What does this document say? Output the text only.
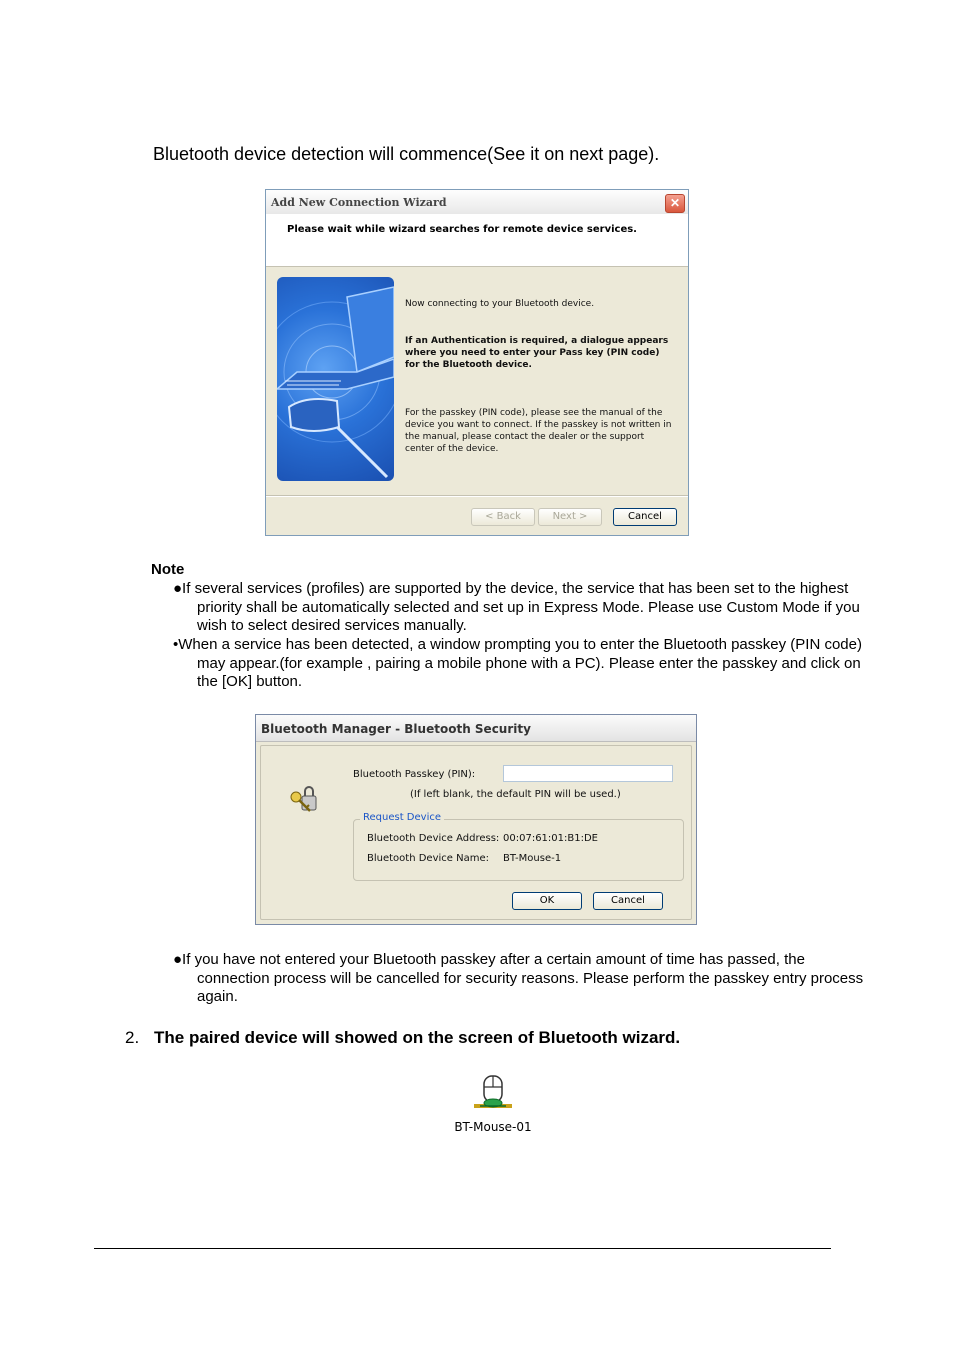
Bluetooth device detection will commence(See it on next page).
Add New Connection Wizard	✕
Please wait while wizard searches for remote device services.
Now connecting to your Bluetooth device.
If an Authentication is required, a dialogue appears where you need to enter your Pass key (PIN code) for the Bluetooth device.
For the passkey (PIN code), please see the manual of the device you want to connect. If the passkey is not written in the manual, please contact the dealer or the support center of the device.
< Back	Next >	Cancel
Note
●If several services (profiles) are supported by the device, the service that has been set to the highest priority shall be automatically selected and set up in Express Mode. Please use Custom Mode if you wish to select desired services manually.
•When a service has been detected, a window prompting you to enter the Bluetooth passkey (PIN code) may appear.(for example , pairing a mobile phone with a PC). Please enter the passkey and click on the [OK] button.
Bluetooth Manager - Bluetooth Security
Bluetooth Passkey (PIN):
(If left blank, the default PIN will be used.)
Request Device
Bluetooth Device Address: 00:07:61:01:B1:DE
Bluetooth Device Name: BT-Mouse-1
OK	Cancel
●If you have not entered your Bluetooth passkey after a certain amount of time has passed, the connection process will be cancelled for security reasons. Please perform the passkey entry process again.
2. The paired device will showed on the screen of Bluetooth wizard.
BT-Mouse-01
